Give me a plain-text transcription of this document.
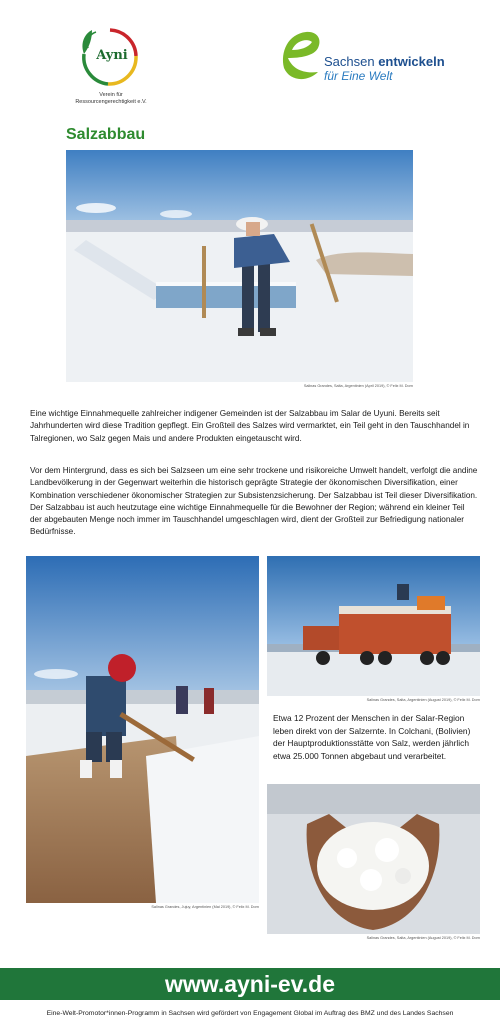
Ayni
Verein für
Ressourcengerechtigkeit e.V.
Sachsen entwickeln
für Eine Welt
Salzabbau
Salinas Grandes, Salta, Argentinien (April 2019), © Felix M. Dorn
Eine wichtige Einnahmequelle zahlreicher indigener Gemeinden ist der Salzabbau im Salar de Uyuni. Bereits seit Jahrhunderten wird diese Tradition gepflegt. Ein Großteil des Salzes wird vermarktet, ein Teil geht in den Tauschhandel in Talregionen, wo Salz gegen Mais und andere Produkten eingetauscht wird.
Vor dem Hintergrund, dass es sich bei Salzseen um eine sehr trockene und risikoreiche Umwelt handelt, verfolgt die andine Landbevölkerung in der Gegenwart weiterhin die historisch geprägte Strategie der ökonomischen Diversifikation, einer Kombination verschiedener ökonomischer Strategien zur Subsistenzsicherung. Der Salzabbau ist Teil dieser Diversifikation. Der Salzabbau ist auch heutzutage eine wichtige Einnahmequelle für die Bewohner der Region; während ein kleiner Teil der abgebauten Menge noch immer im Tauschhandel umgeschlagen wird, dient der Großteil zur Befriedigung nationaler Bedürfnisse.
Salinas Grandes, Jujuy, Argentinien (Mai 2019), © Felix M. Dorn
Salinas Grandes, Salta, Argentinien (August 2019), © Felix M. Dorn
Etwa 12 Prozent der Menschen in der Salar-Region leben direkt von der Salzernte. In Colchani, (Bolivien) der Hauptproduktionsstätte von Salz, werden jährlich etwa 25.000 Tonnen abgebaut und verarbeitet.
Salinas Grandes, Salta, Argentinien (August 2019), © Felix M. Dorn
www.ayni-ev.de
Eine-Welt-Promotor*innen-Programm in Sachsen wird gefördert von Engagement Global im Auftrag des BMZ und des Landes Sachsen
